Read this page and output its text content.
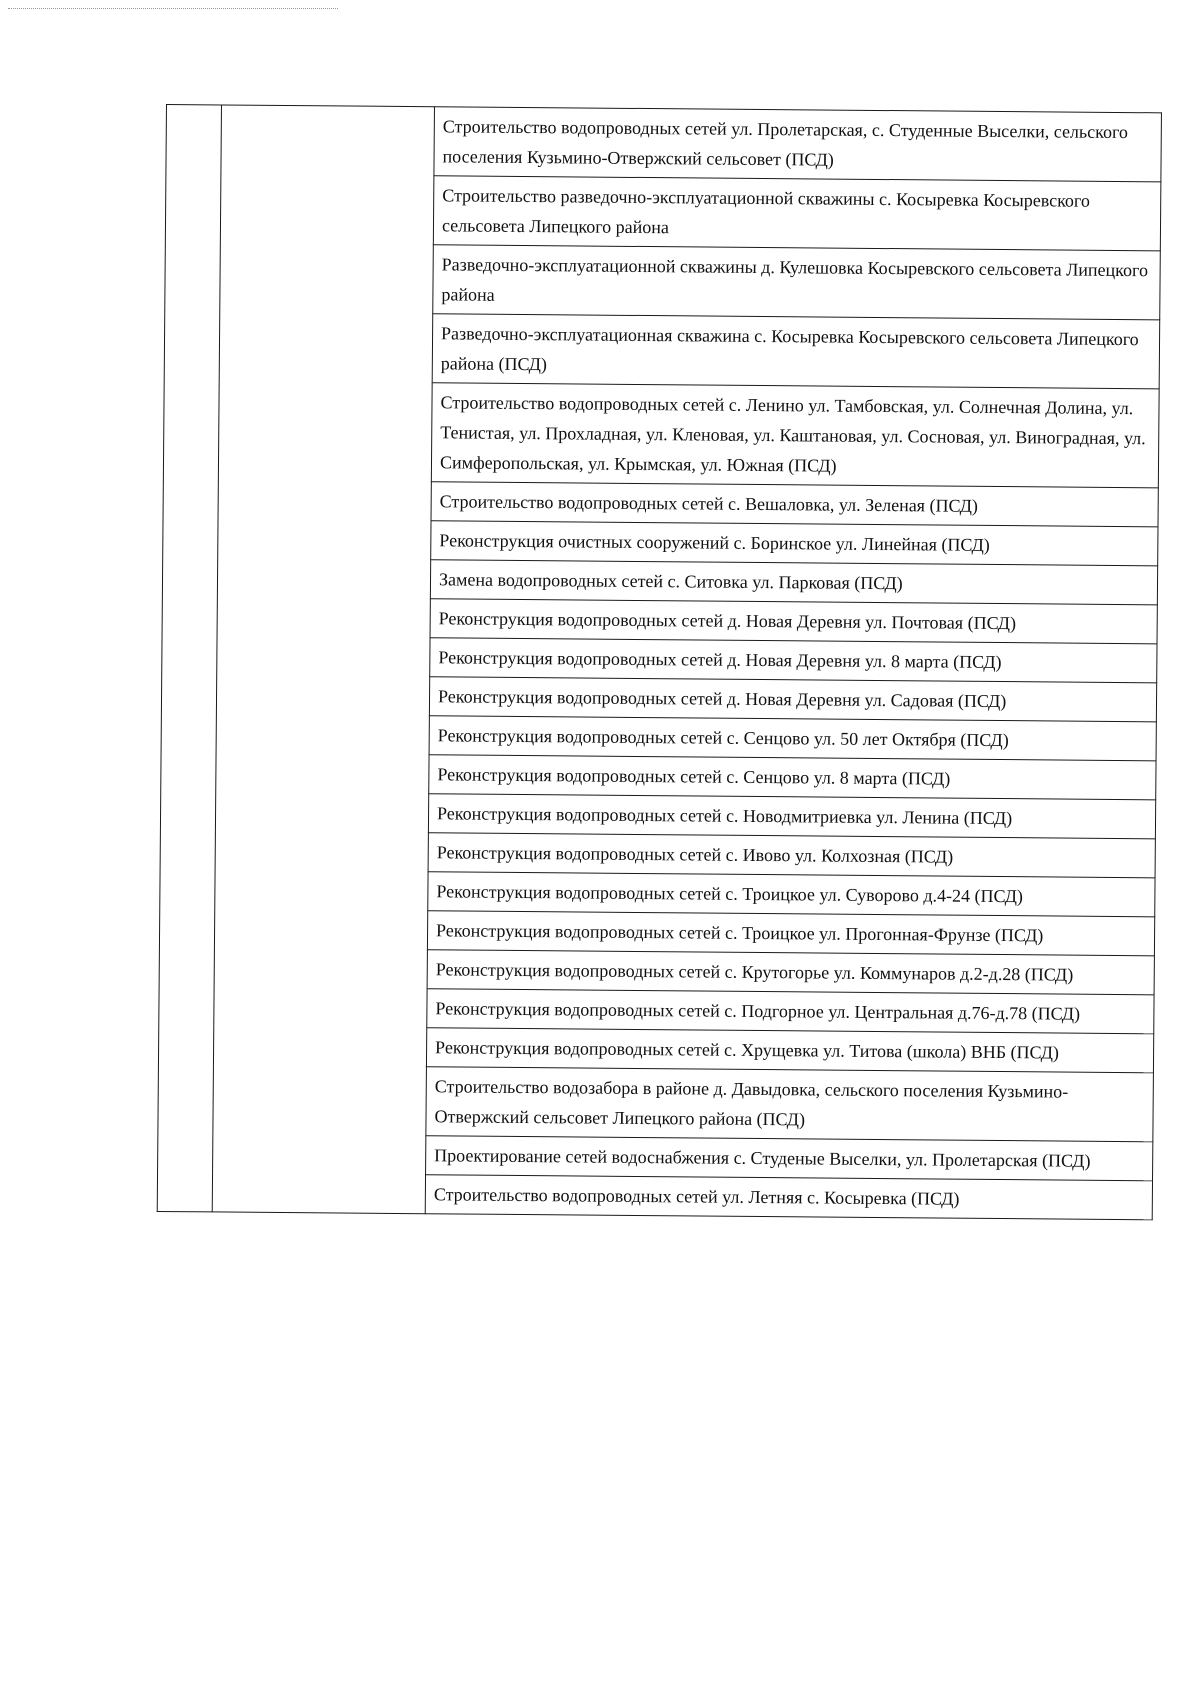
		Строительство водопроводных сетей ул. Пролетарская, с. Студенные Выселки, сельского поселения Кузьмино-Отвержский сельсовет (ПСД)
Строительство разведочно-эксплуатационной скважины с. Косыревка Косыревского сельсовета Липецкого района
Разведочно-эксплуатационной скважины д. Кулешовка Косыревского сельсовета Липецкого района
Разведочно-эксплуатационная скважина с. Косыревка Косыревского сельсовета Липецкого района (ПСД)
Строительство водопроводных сетей с. Ленино ул. Тамбовская, ул. Солнечная Долина, ул. Тенистая, ул. Прохладная, ул. Кленовая, ул. Каштановая, ул. Сосновая, ул. Виноградная, ул. Симферопольская, ул. Крымская, ул. Южная (ПСД)
Строительство водопроводных сетей с. Вешаловка, ул. Зеленая (ПСД)
Реконструкция очистных сооружений с. Боринское ул. Линейная (ПСД)
Замена водопроводных сетей с. Ситовка ул. Парковая (ПСД)
Реконструкция водопроводных сетей д. Новая Деревня ул. Почтовая (ПСД)
Реконструкция водопроводных сетей д. Новая Деревня ул. 8 марта (ПСД)
Реконструкция водопроводных сетей д. Новая Деревня ул. Садовая (ПСД)
Реконструкция водопроводных сетей с. Сенцово ул. 50 лет Октября (ПСД)
Реконструкция водопроводных сетей с. Сенцово ул. 8 марта (ПСД)
Реконструкция водопроводных сетей с. Новодмитриевка ул. Ленина (ПСД)
Реконструкция водопроводных сетей с. Ивово ул. Колхозная (ПСД)
Реконструкция водопроводных сетей с. Троицкое ул. Суворово д.4-24 (ПСД)
Реконструкция водопроводных сетей с. Троицкое ул. Прогонная-Фрунзе (ПСД)
Реконструкция водопроводных сетей с. Крутогорье ул. Коммунаров д.2-д.28 (ПСД)
Реконструкция водопроводных сетей с. Подгорное ул. Центральная д.76-д.78 (ПСД)
Реконструкция водопроводных сетей с. Хрущевка ул. Титова (школа) ВНБ (ПСД)
Строительство водозабора в районе д. Давыдовка, сельского поселения Кузьмино-Отвержский сельсовет Липецкого района (ПСД)
Проектирование сетей водоснабжения с. Студеные Выселки, ул. Пролетарская (ПСД)
Строительство водопроводных сетей ул. Летняя с. Косыревка (ПСД)
